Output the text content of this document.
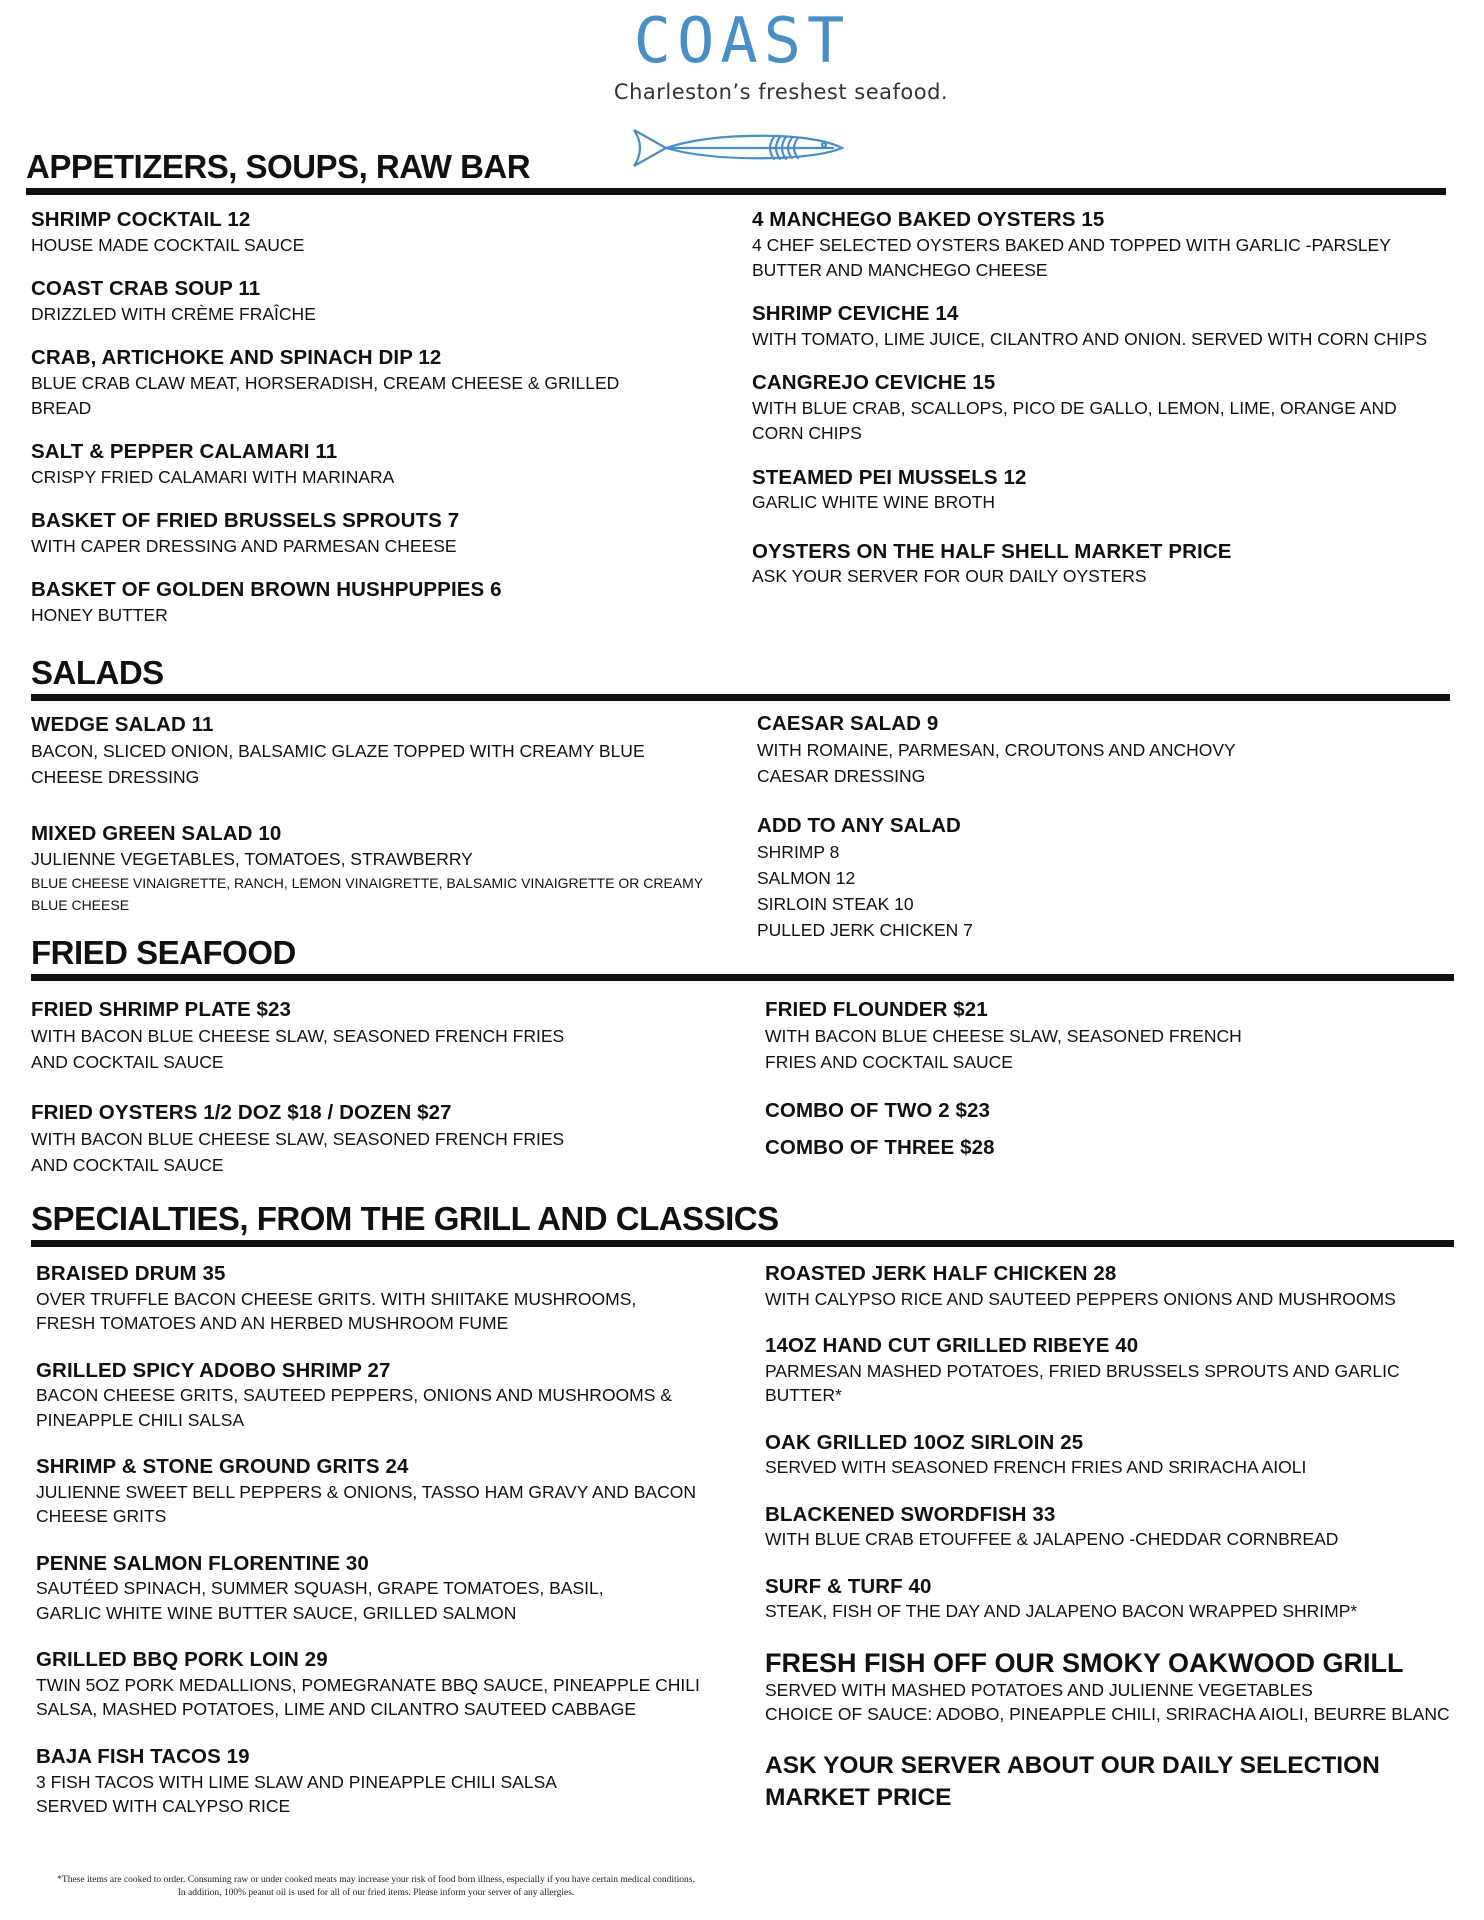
COAST
Charleston’s freshest seafood.
APPETIZERS, SOUPS, RAW BAR
SHRIMP COCKTAIL 12
HOUSE MADE COCKTAIL SAUCE
COAST CRAB SOUP 11
DRIZZLED WITH CRÈME FRAÎCHE
CRAB, ARTICHOKE AND SPINACH DIP 12
BLUE CRAB CLAW MEAT, HORSERADISH, CREAM CHEESE & GRILLED BREAD
SALT & PEPPER CALAMARI 11
CRISPY FRIED CALAMARI WITH MARINARA
BASKET OF FRIED BRUSSELS SPROUTS 7
WITH CAPER DRESSING AND PARMESAN CHEESE
BASKET OF GOLDEN BROWN HUSHPUPPIES 6
HONEY BUTTER
4 MANCHEGO BAKED OYSTERS 15
4 CHEF SELECTED OYSTERS BAKED AND TOPPED WITH GARLIC -PARSLEY BUTTER AND MANCHEGO CHEESE
SHRIMP CEVICHE 14
WITH TOMATO, LIME JUICE, CILANTRO AND ONION. SERVED WITH CORN CHIPS
CANGREJO CEVICHE 15
WITH BLUE CRAB, SCALLOPS, PICO DE GALLO, LEMON, LIME, ORANGE AND CORN CHIPS
STEAMED PEI MUSSELS 12
GARLIC WHITE WINE BROTH
OYSTERS ON THE HALF SHELL MARKET PRICE
ASK YOUR SERVER FOR OUR DAILY OYSTERS
SALADS
WEDGE SALAD 11
BACON, SLICED ONION, BALSAMIC GLAZE TOPPED WITH CREAMY BLUE CHEESE DRESSING
MIXED GREEN SALAD 10
JULIENNE VEGETABLES, TOMATOES, STRAWBERRY
BLUE CHEESE VINAIGRETTE, RANCH, LEMON VINAIGRETTE, BALSAMIC VINAIGRETTE OR CREAMY BLUE CHEESE
CAESAR SALAD 9
WITH ROMAINE, PARMESAN, CROUTONS AND ANCHOVY CAESAR DRESSING
ADD TO ANY SALAD
SHRIMP 8
SALMON 12
SIRLOIN STEAK 10
PULLED JERK CHICKEN 7
FRIED SEAFOOD
FRIED SHRIMP PLATE $23
WITH BACON BLUE CHEESE SLAW, SEASONED FRENCH FRIES AND COCKTAIL SAUCE
FRIED OYSTERS 1/2 DOZ $18 / DOZEN $27
WITH BACON BLUE CHEESE SLAW, SEASONED FRENCH FRIES AND COCKTAIL SAUCE
FRIED FLOUNDER $21
WITH BACON BLUE CHEESE SLAW, SEASONED FRENCH FRIES AND COCKTAIL SAUCE
COMBO OF TWO 2 $23
COMBO OF THREE $28
SPECIALTIES, FROM THE GRILL AND CLASSICS
BRAISED DRUM 35
OVER TRUFFLE BACON CHEESE GRITS. WITH SHIITAKE MUSHROOMS, FRESH TOMATOES AND AN HERBED MUSHROOM FUME
GRILLED SPICY ADOBO SHRIMP 27
BACON CHEESE GRITS, SAUTEED PEPPERS, ONIONS AND MUSHROOMS & PINEAPPLE CHILI SALSA
SHRIMP & STONE GROUND GRITS 24
JULIENNE SWEET BELL PEPPERS & ONIONS, TASSO HAM GRAVY AND BACON CHEESE GRITS
PENNE SALMON FLORENTINE 30
SAUTÉED SPINACH, SUMMER SQUASH, GRAPE TOMATOES, BASIL, GARLIC WHITE WINE BUTTER SAUCE, GRILLED SALMON
GRILLED BBQ PORK LOIN 29
TWIN 5OZ PORK MEDALLIONS, POMEGRANATE BBQ SAUCE, PINEAPPLE CHILI SALSA, MASHED POTATOES, LIME AND CILANTRO SAUTEED CABBAGE
BAJA FISH TACOS 19
3 FISH TACOS WITH LIME SLAW AND PINEAPPLE CHILI SALSA SERVED WITH CALYPSO RICE
ROASTED JERK HALF CHICKEN 28
WITH CALYPSO RICE AND SAUTEED PEPPERS ONIONS AND MUSHROOMS
14OZ HAND CUT GRILLED RIBEYE 40
PARMESAN MASHED POTATOES, FRIED BRUSSELS SPROUTS AND GARLIC BUTTER*
OAK GRILLED 10OZ SIRLOIN 25
SERVED WITH SEASONED FRENCH FRIES AND SRIRACHA AIOLI
BLACKENED SWORDFISH 33
WITH BLUE CRAB ETOUFFEE & JALAPENO -CHEDDAR CORNBREAD
SURF & TURF 40
STEAK, FISH OF THE DAY AND JALAPENO BACON WRAPPED SHRIMP*
FRESH FISH OFF OUR SMOKY OAKWOOD GRILL
SERVED WITH MASHED POTATOES AND JULIENNE VEGETABLES
CHOICE OF SAUCE: ADOBO, PINEAPPLE CHILI, SRIRACHA AIOLI, BEURRE BLANC
ASK YOUR SERVER ABOUT OUR DAILY SELECTION
MARKET PRICE
*These items are cooked to order. Consuming raw or under cooked meats may increase your risk of food born illness, especially if you have certain medical conditions.
In addition, 100% peanut oil is used for all of our fried items. Please inform your server of any allergies.
